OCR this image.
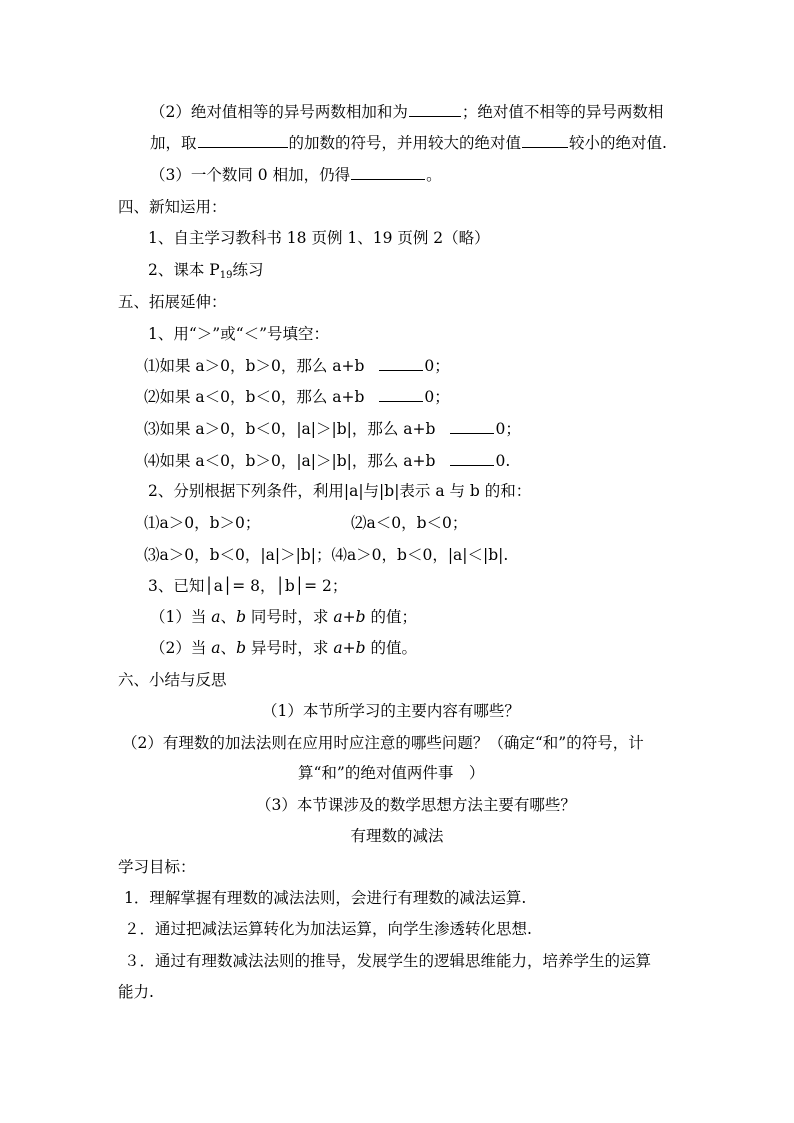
（2）绝对值相等的异号两数相加和为	；绝对值不相等的异号两数相
加，取	的加数的符号，并用较大的绝对值	较小的绝对值.
（3）一个数同 0 相加，仍得	。
四、新知运用：
1、自主学习教科书 18 页例 1、19 页例 2（略）
2、课本 $P_{19}$练习
五、拓展延伸：
1、用“＞”或“＜”号填空：
⑴如果 a＞0，b＞0，那么 a+b	0；
⑵如果 a＜0，b＜0，那么 a+b	0；
⑶如果 a＞0，b＜0，|a|＞|b|，那么 a+b	0；
⑷如果 a＜0，b＞0，|a|＞|b|，那么 a+b	0.
2、分别根据下列条件，利用|a|与|b|表示 a 与 b 的和：
⑴a＞0，b＞0；	⑵a＜0，b＜0；
⑶a＞0，b＜0，|a|＞|b|；⑷a＞0，b＜0，|a|＜|b|.
3、已知│a│= 8，│b│= 2；
（1）当 a、b 同号时，求 a+b 的值；
（2）当 a、b 异号时，求 a+b 的值。
六、小结与反思
（1）本节所学习的主要内容有哪些？
（2）有理数的加法法则在应用时应注意的哪些问题？（确定“和”的符号，计
算“和”的绝对值两件事　）
（3）本节课涉及的数学思想方法主要有哪些？
有理数的减法
学习目标：
1．理解掌握有理数的减法法则，会进行有理数的减法运算.
２．通过把减法运算转化为加法运算，向学生渗透转化思想.
３．通过有理数减法法则的推导，发展学生的逻辑思维能力，培养学生的运算
能力.
